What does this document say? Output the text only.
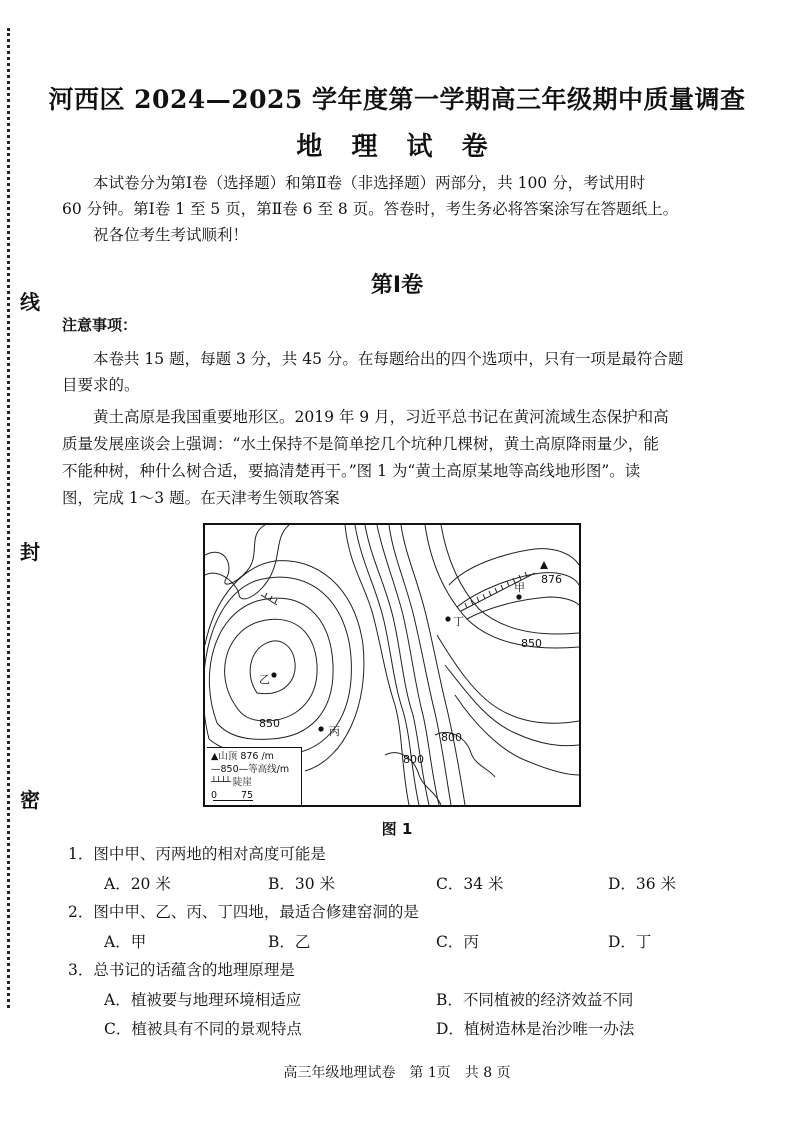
线
封
密
河西区 2024—2025 学年度第一学期高三年级期中质量调查
地 理 试 卷
本试卷分为第Ⅰ卷（选择题）和第Ⅱ卷（非选择题）两部分，共 100 分，考试用时
60 分钟。第Ⅰ卷 1 至 5 页，第Ⅱ卷 6 至 8 页。答卷时，考生务必将答案涂写在答题纸上。
祝各位考生考试顺利！
第Ⅰ卷
注意事项：
本卷共 15 题，每题 3 分，共 45 分。在每题给出的四个选项中，只有一项是最符合题
目要求的。
黄土高原是我国重要地形区。2019 年 9 月，习近平总书记在黄河流域生态保护和高
质量发展座谈会上强调：“水土保持不是简单挖几个坑种几棵树，黄土高原降雨量少，能
不能种树，种什么树合适，要搞清楚再干。”图 1 为“黄土高原某地等高线地形图”。读
图，完成 1～3 题。在天津考生领取答案
甲
乙
丙
丁
876
850
850
800
800
▲山顶 876 /m
—850—等高线/m
┴┴┴┴ 陡崖
0	75
图 1
1．图中甲、丙两地的相对高度可能是
A．20 米	B．30 米	C．34 米	D．36 米
2．图中甲、乙、丙、丁四地，最适合修建窑洞的是
A．甲	B．乙	C．丙	D．丁
3．总书记的话蕴含的地理原理是
A．植被要与地理环境相适应	B．不同植被的经济效益不同
C．植被具有不同的景观特点	D．植树造林是治沙唯一办法
高三年级地理试卷　第 1页　共 8 页
